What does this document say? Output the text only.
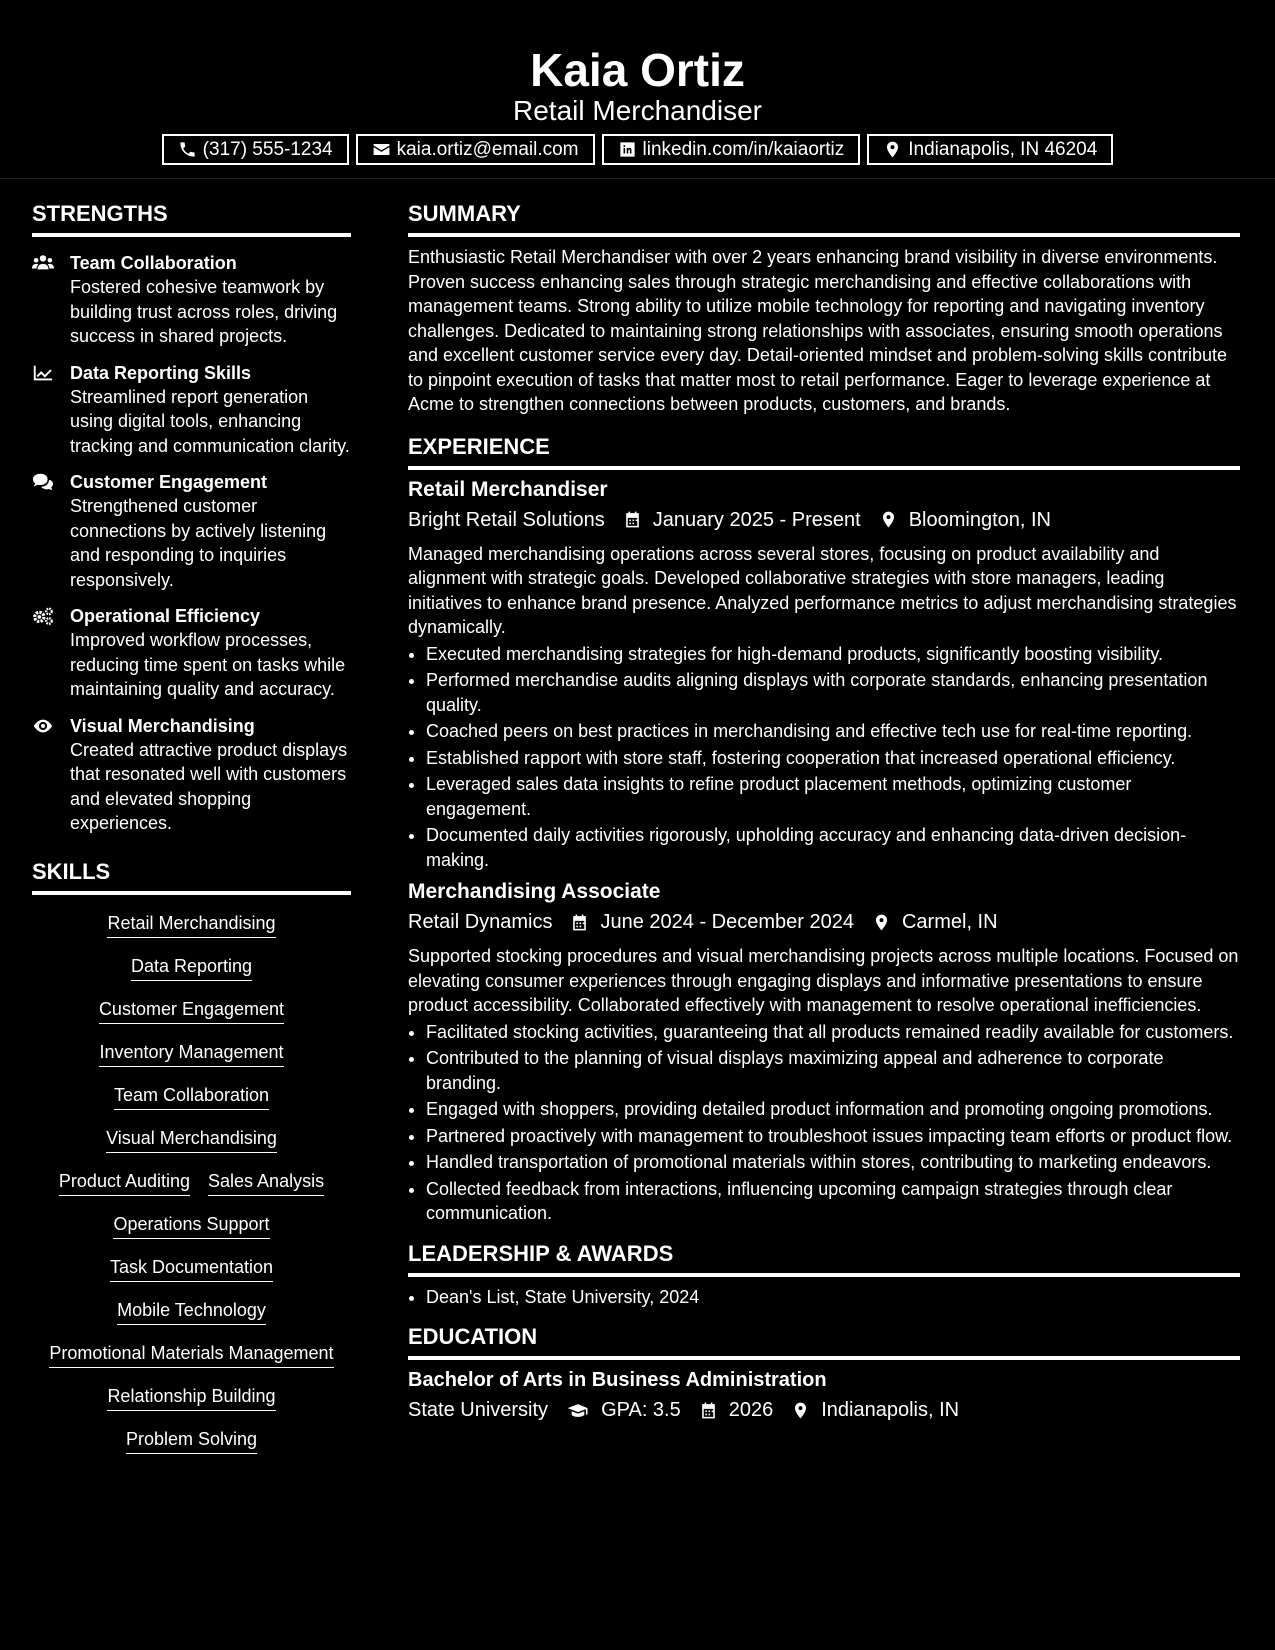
Kaia Ortiz
Retail Merchandiser
(317) 555-1234	kaia.ortiz@email.com	linkedin.com/in/kaiaortiz	Indianapolis, IN 46204
STRENGTHS
Team Collaboration
Fostered cohesive teamwork by building trust across roles, driving success in shared projects.
Data Reporting Skills
Streamlined report generation using digital tools, enhancing tracking and communication clarity.
Customer Engagement
Strengthened customer connections by actively listening and responding to inquiries responsively.
Operational Efficiency
Improved workflow processes, reducing time spent on tasks while maintaining quality and accuracy.
Visual Merchandising
Created attractive product displays that resonated well with customers and elevated shopping experiences.
SKILLS
Retail Merchandising
Data Reporting
Customer Engagement
Inventory Management
Team Collaboration
Visual Merchandising
Product Auditing Sales Analysis
Operations Support
Task Documentation
Mobile Technology
Promotional Materials Management
Relationship Building
Problem Solving
SUMMARY
Enthusiastic Retail Merchandiser with over 2 years enhancing brand visibility in diverse environments. Proven success enhancing sales through strategic merchandising and effective collaborations with management teams. Strong ability to utilize mobile technology for reporting and navigating inventory challenges. Dedicated to maintaining strong relationships with associates, ensuring smooth operations and excellent customer service every day. Detail-oriented mindset and problem-solving skills contribute to pinpoint execution of tasks that matter most to retail performance. Eager to leverage experience at Acme to strengthen connections between products, customers, and brands.
EXPERIENCE
Retail Merchandiser
Bright Retail Solutions January 2025 - Present Bloomington, IN
Managed merchandising operations across several stores, focusing on product availability and alignment with strategic goals. Developed collaborative strategies with store managers, leading initiatives to enhance brand presence. Analyzed performance metrics to adjust merchandising strategies dynamically.
• Executed merchandising strategies for high-demand products, significantly boosting visibility.
• Performed merchandise audits aligning displays with corporate standards, enhancing presentation quality.
• Coached peers on best practices in merchandising and effective tech use for real-time reporting.
• Established rapport with store staff, fostering cooperation that increased operational efficiency.
• Leveraged sales data insights to refine product placement methods, optimizing customer engagement.
• Documented daily activities rigorously, upholding accuracy and enhancing data-driven decision-making.
Merchandising Associate
Retail Dynamics June 2024 - December 2024 Carmel, IN
Supported stocking procedures and visual merchandising projects across multiple locations. Focused on elevating consumer experiences through engaging displays and informative presentations to ensure product accessibility. Collaborated effectively with management to resolve operational inefficiencies.
• Facilitated stocking activities, guaranteeing that all products remained readily available for customers.
• Contributed to the planning of visual displays maximizing appeal and adherence to corporate branding.
• Engaged with shoppers, providing detailed product information and promoting ongoing promotions.
• Partnered proactively with management to troubleshoot issues impacting team efforts or product flow.
• Handled transportation of promotional materials within stores, contributing to marketing endeavors.
• Collected feedback from interactions, influencing upcoming campaign strategies through clear communication.
LEADERSHIP & AWARDS
• Dean's List, State University, 2024
EDUCATION
Bachelor of Arts in Business Administration
State University	GPA: 3.5 2026 Indianapolis, IN
